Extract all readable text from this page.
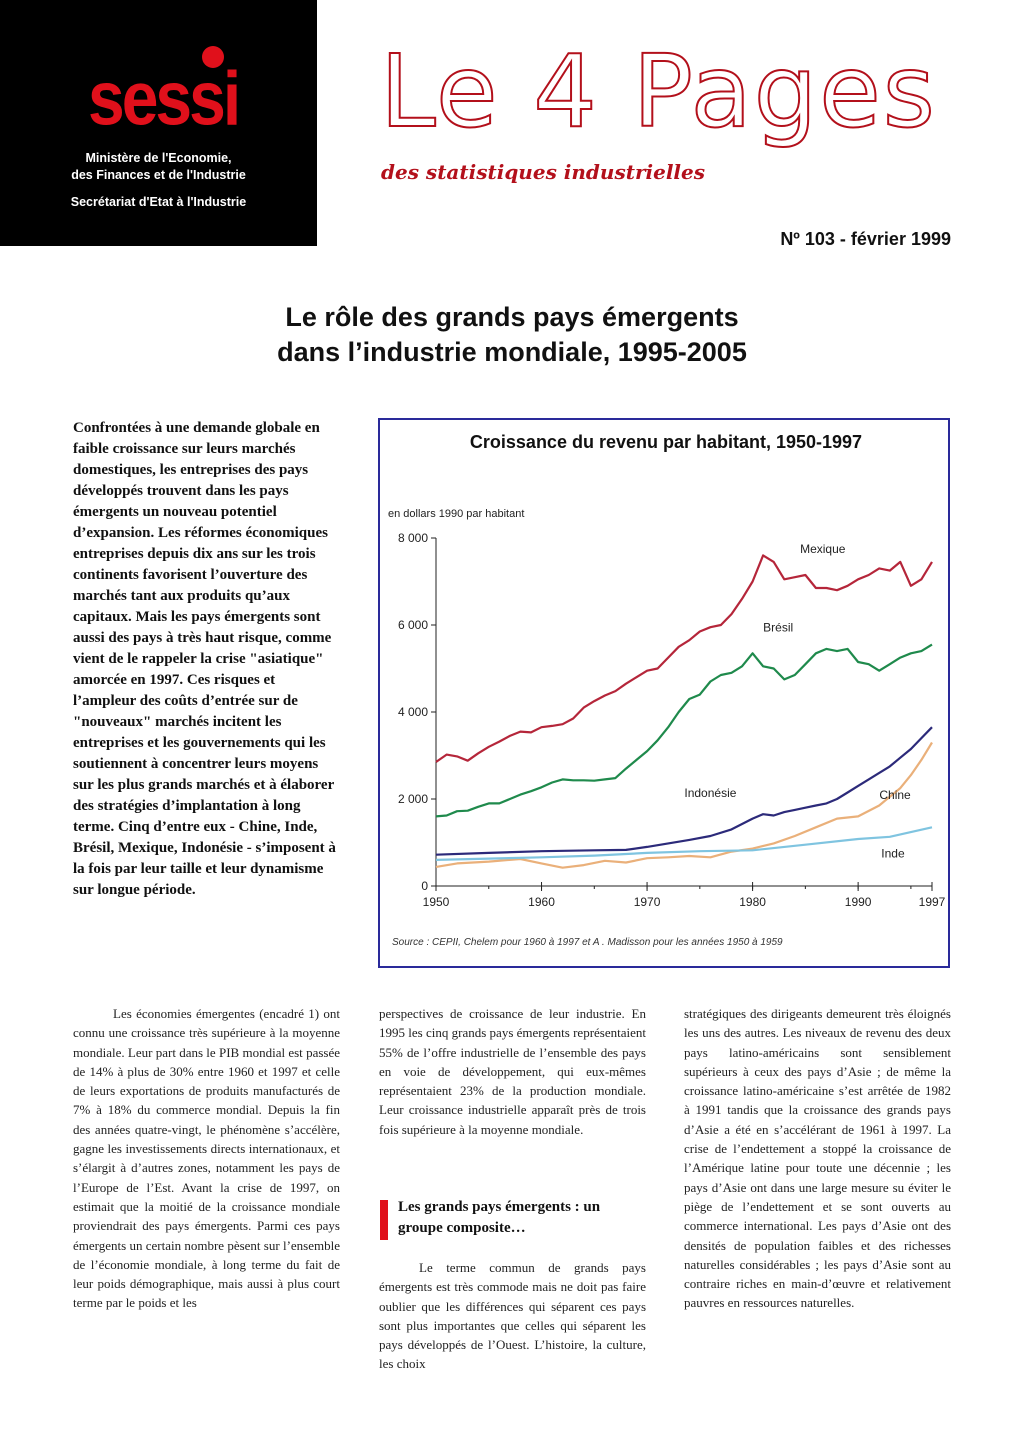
sessi
Ministère de l'Economie,
des Finances et de l'Industrie
Secrétariat d'Etat à l'Industrie
Le 4 Pages
des statistiques industrielles
Nº 103 - février 1999
Le rôle des grands pays émergents
dans l’industrie mondiale, 1995-2005

Confrontées à une demande globale en faible croissance sur leurs marchés domestiques, les entreprises des pays développés trouvent dans les pays émergents un nouveau potentiel d’expansion. Les réformes économiques entreprises depuis dix ans sur les trois continents favorisent l’ouverture des marchés tant aux produits qu’aux capitaux. Mais les pays émergents sont aussi des pays à très haut risque, comme vient de le rappeler la crise "asiatique" amorcée en 1997. Ces risques et l’ampleur des coûts d’entrée sur de "nouveaux" marchés incitent les entreprises et les gouvernements qui les soutiennent à concentrer leurs moyens sur les plus grands marchés et à élaborer des stratégies d’implantation à long terme. Cinq d’entre eux - Chine, Inde, Brésil, Mexique, Indonésie - s’imposent à la fois par leur taille et leur dynamisme sur longue période.

Croissance du revenu par habitant, 1950-1997
en dollars 1990 par habitant
0
2 000
4 000
6 000
8 000
1950	1960	1970	1980	1990	1997
Mexique
Brésil
Indonésie	Chine
Inde
Source : CEPII, Chelem pour 1960 à 1997 et A . Madisson pour les années 1950 à 1959

Les économies émergentes (encadré 1) ont connu une croissance très supérieure à la moyenne mondiale. Leur part dans le PIB mondial est passée de 14% à plus de 30% entre 1960 et 1997 et celle de leurs exportations de produits manufacturés de 7% à 18% du commerce mondial. Depuis la fin des années quatre-vingt, le phénomène s’accélère, gagne les investissements directs internationaux, et s’élargit à d’autres zones, notamment les pays de l’Europe de l’Est. Avant la crise de 1997, on estimait que la moitié de la croissance mondiale proviendrait des pays émergents. Parmi ces pays émergents un certain nombre pèsent sur l’ensemble de l’économie mondiale, à long terme du fait de leur poids démographique, mais aussi à plus court terme par le poids et les

perspectives de croissance de leur industrie. En 1995 les cinq grands pays émergents représentaient 55% de l’offre industrielle de l’ensemble des pays en voie de développement, qui eux-mêmes représentaient 23% de la production mondiale. Leur croissance industrielle apparaît près de trois fois supérieure à la moyenne mondiale.

Les grands pays émergents : un groupe composite…

Le terme commun de grands pays émergents est très commode mais ne doit pas faire oublier que les différences qui séparent ces pays sont plus importantes que celles qui séparent les pays développés de l’Ouest. L’histoire, la culture, les choix

stratégiques des dirigeants demeurent très éloignés les uns des autres. Les niveaux de revenu des deux pays latino-américains sont sensiblement supérieurs à ceux des pays d’Asie ; de même la croissance latino-américaine s’est arrêtée de 1982 à 1991 tandis que la croissance des grands pays d’Asie a été en s’accélérant de 1961 à 1997. La crise de l’endettement a stoppé la croissance de l’Amérique latine pour toute une décennie ; les pays d’Asie ont dans une large mesure su éviter le piège de l’endettement et se sont ouverts au commerce international. Les pays d’Asie ont des densités de population faibles et des richesses naturelles considérables ; les pays d’Asie sont au contraire riches en main-d’œuvre et relativement pauvres en ressources naturelles.
